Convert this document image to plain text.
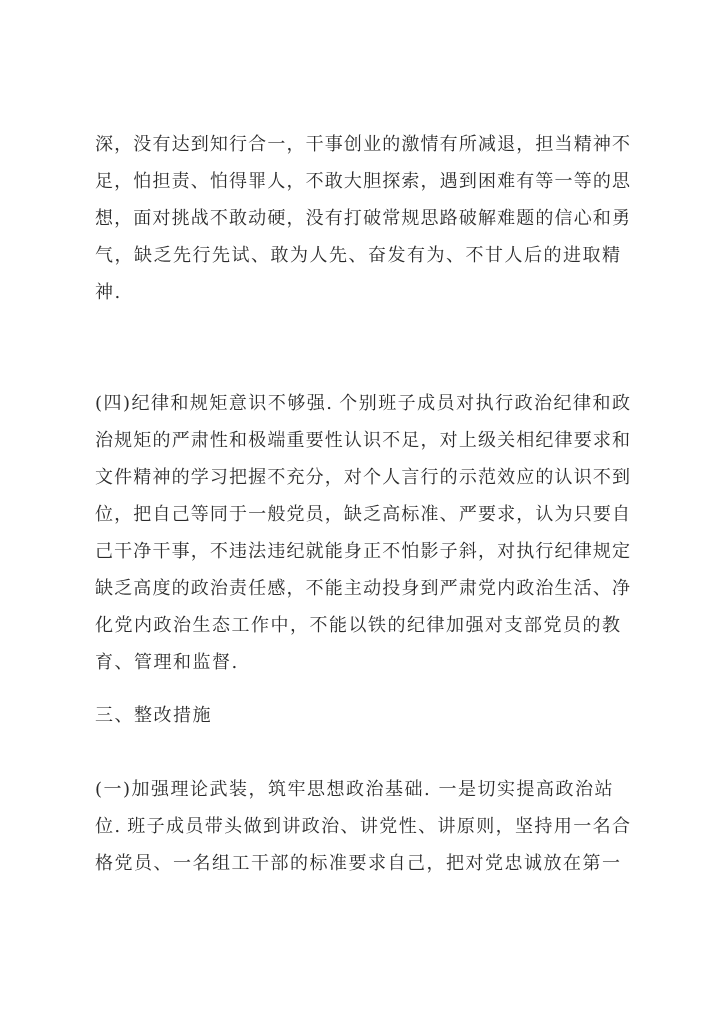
深，没有达到知行合一，干事创业的激情有所减退，担当精神不
足，怕担责、怕得罪人，不敢大胆探索，遇到困难有等一等的思
想，面对挑战不敢动硬，没有打破常规思路破解难题的信心和勇
气，缺乏先行先试、敢为人先、奋发有为、不甘人后的进取精
神.
(四)纪律和规矩意识不够强. 个别班子成员对执行政治纪律和政
治规矩的严肃性和极端重要性认识不足，对上级关相纪律要求和
文件精神的学习把握不充分，对个人言行的示范效应的认识不到
位，把自己等同于一般党员，缺乏高标准、严要求，认为只要自
己干净干事，不违法违纪就能身正不怕影子斜，对执行纪律规定
缺乏高度的政治责任感，不能主动投身到严肃党内政治生活、净
化党内政治生态工作中，不能以铁的纪律加强对支部党员的教
育、管理和监督.
三、整改措施
(一)加强理论武装，筑牢思想政治基础. 一是切实提高政治站
位. 班子成员带头做到讲政治、讲党性、讲原则，坚持用一名合
格党员、一名组工干部的标准要求自己，把对党忠诚放在第一
